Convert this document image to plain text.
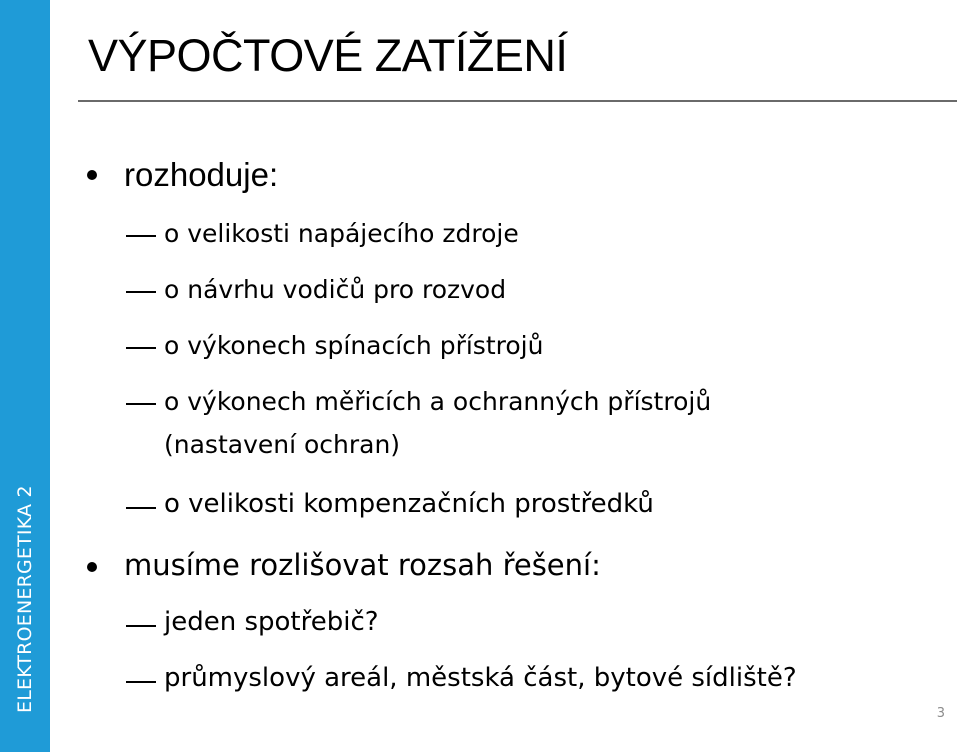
ELEKTROENERGETIKA 2
VÝPOČTOVÉ ZATÍŽENÍ
rozhoduje:
o velikosti napájecího zdroje
o návrhu vodičů pro rozvod
o výkonech spínacích přístrojů
o výkonech měřicích a ochranných přístrojů
(nastavení ochran)
o velikosti kompenzačních prostředků
musíme rozlišovat rozsah řešení:
jeden spotřebič?
průmyslový areál, městská část, bytové sídliště?
3
